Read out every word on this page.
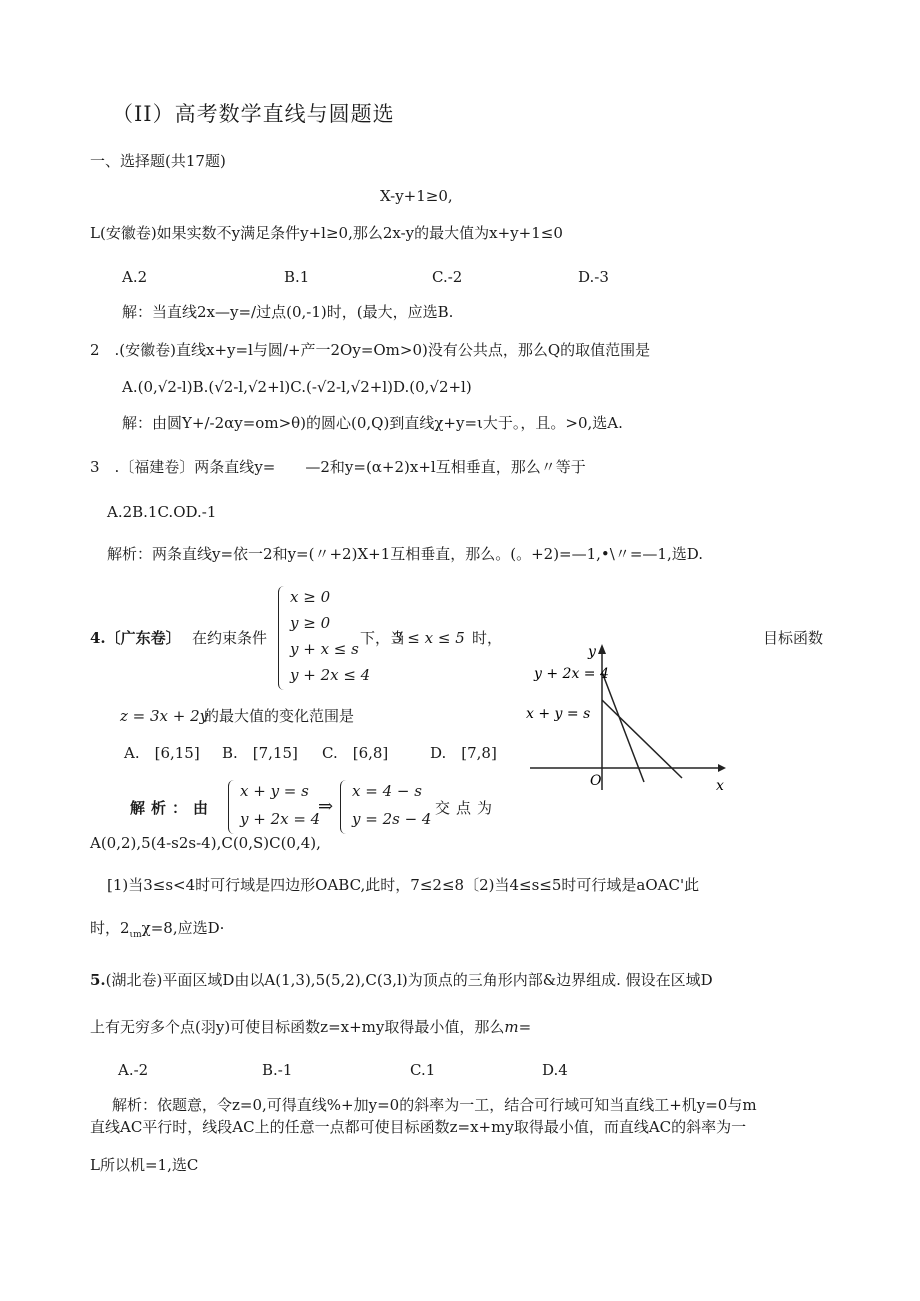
（II）高考数学直线与圆题选
一、选择题(共17题)
X-y+1≥0,
L(安徽卷)如果实数不y满足条件y+l≥0,那么2x-y的最大值为x+y+1≤0
A.2	B.1	C.-2	D.-3
解：当直线2x—y=/过点(0,-1)时，(最大，应选B.
2　.(安徽卷)直线x+y=l与圆/+产一2Oy=Om>0)没有公共点，那么Q的取值范围是
A.(0,√2-l)B.(√2-l,√2+l)C.(-√2-l,√2+l)D.(0,√2+l)
解：由圆Y+/-2αy=om>θ)的圆心(0,Q)到直线χ+y=ι大于。，且。>0,选A.
3　.〔福建卷〕两条直线y=　　—2和y=(α+2)x+l互相垂直，那么〃等于
A.2B.1C.OD.-1
解析：两条直线y=依一2和y=(〃+2)X+1互相垂直，那么。(。+2)=—1,•\〃=—1,选D.
4.〔广东卷〕 在约束条件
x ≥ 0
y ≥ 0
y + x ≤ s
y + 2x ≤ 4
下，当
3 ≤ x ≤ 5 时，	目标函数
z = 3x + 2y
的最大值的变化范围是
A.　[6,15] B.　[7,15] C.　[6,8]	D.　[7,8]
解析：由
x + y = s
y + 2x = 4
⇒
x = 4 − s
y = 2s − 4
交点为
A(0,2),5(4-s2s-4),C(0,S)C(0,4),
[1)当3≤s<4时可行域是四边形OABC,此时，7≤2≤8〔2)当4≤s≤5时可行域是aOAC'此
时，$2_{\iota m}\chi=8$,应选D·
y
x
O
y + 2x = 4
x + y = s
5.(湖北卷)平面区域D由以A(1,3),5(5,2),C(3,l)为顶点的三角形内部&边界组成. 假设在区域D
上有无穷多个点(羽y)可使目标函数z=x+my取得最小值，那么m=
A.-2	B.-1	C.1	D.4
解析：依题意，令z=0,可得直线%+加y=0的斜率为一工，结合可行域可知当直线工+机y=0与m
直线AC平行时，线段AC上的任意一点都可使目标函数z=x+my取得最小值，而直线AC的斜率为一
L所以机=1,选C
